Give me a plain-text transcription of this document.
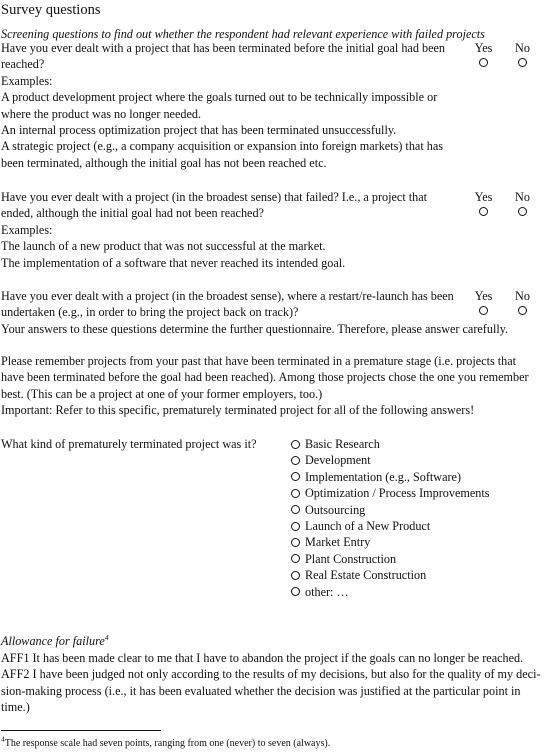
Survey questions
Screening questions to find out whether the respondent had relevant experience with failed projects

Have you ever dealt with a project that has been terminated before the initial goal had been

reached?

Examples:

A product development project where the goals turned out to be technically impossible or

where the product was no longer needed.

An internal process optimization project that has been terminated unsuccessfully.

A strategic project (e.g., a company acquisition or expansion into foreign markets) that has

been terminated, although the initial goal has not been reached etc.

Yes	No

Have you ever dealt with a project (in the broadest sense) that failed? I.e., a project that

ended, although the initial goal had not been reached?

Examples:

The launch of a new product that was not successful at the market.

The implementation of a software that never reached its intended goal.

Yes	No

Have you ever dealt with a project (in the broadest sense), where a restart/re-launch has been

undertaken (e.g., in order to bring the project back on track)?

Your answers to these questions determine the further questionnaire. Therefore, please answer carefully.

Yes	No

Please remember projects from your past that have been terminated in a premature stage (i.e. projects that

have been terminated before the goal had been reached). Among those projects chose the one you remember

best. (This can be a project at one of your former employers, too.)

Important: Refer to this specific, prematurely terminated project for all of the following answers!

What kind of prematurely terminated project was it?	Basic Research
Development
Implementation (e.g., Software)
Optimization / Process Improvements
Outsourcing
Launch of a New Product
Market Entry
Plant Construction
Real Estate Construction
other: …
Allowance for failure$^4$

AFF1 It has been made clear to me that I have to abandon the project if the goals can no longer be reached.

AFF2 I have been judged not only according to the results of my decisions, but also for the quality of my deci-

sion-making process (i.e., it has been evaluated whether the decision was justified at the particular point in

time.)

$^4$The response scale had seven points, ranging from one (never) to seven (always).
